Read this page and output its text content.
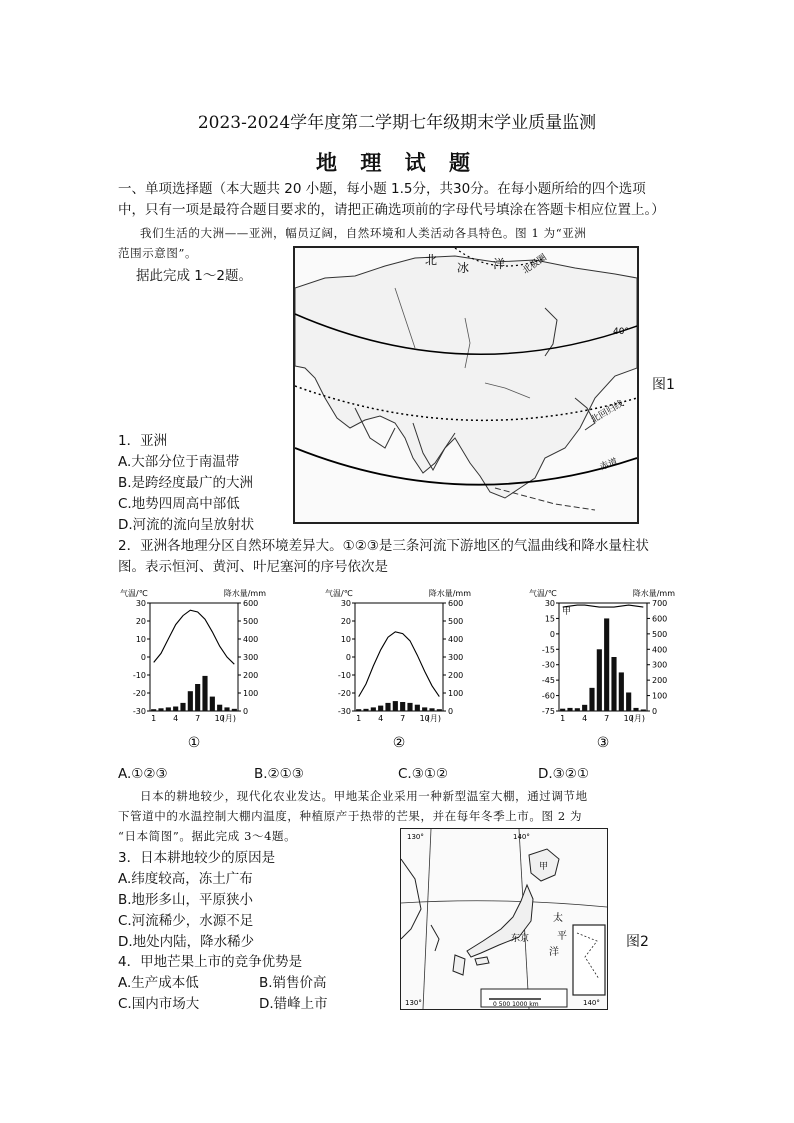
2023-2024学年度第二学期七年级期末学业质量监测
地 理 试 题
一、单项选择题（本大题共 20 小题，每小题 1.5分，共30分。在每小题所给的四个选项
中，只有一项是最符合题目要求的，请把正确选项前的字母代号填涂在答题卡相应位置上。）
我们生活的大洲——亚洲，幅员辽阔，自然环境和人类活动各具特色。图 1 为“亚洲
范围示意图”。
据此完成 1～2题。
北
冰 洋 北极圈
40°
北回归线
赤道
图1
1．亚洲
A.大部分位于南温带
B.是跨经度最广的大洲
C.地势四周高中部低
D.河流的流向呈放射状
2．亚洲各地理分区自然环境差异大。①②③是三条河流下游地区的气温曲线和降水量柱状
图。表示恒河、黄河、叶尼塞河的序号依次是
气温/℃	降水量/mm
30
20
10
0
-10
-20
-30
600
500
400
300
200
100
0
1 4 7 10
(月)
①
气温/℃	降水量/mm
30
20
10
0
-10
-20
-30
600
500
400
300
200
100
0
1 4 7 10
(月)
②
气温/℃	降水量/mm
30
15
0
-15
-30
-45
-60
-75
700
600
500
400
300
200
100
0
1 4 7 10
(月)
甲
③
A.①②③	B.②①③	C.③①②	D.③②①
日本的耕地较少，现代化农业发达。甲地某企业采用一种新型温室大棚，通过调节地
下管道中的水温控制大棚内温度，种植原产于热带的芒果，并在每年冬季上市。图 2 为
“日本简图”。据此完成 3～4题。
3．日本耕地较少的原因是
A.纬度较高，冻土广布
B.地形多山，平原狭小
C.河流稀少，水源不足
D.地处内陆，降水稀少
4．甲地芒果上市的竞争优势是
A.生产成本低	B.销售价高
C.国内市场大	D.错峰上市
130°	140°
130°	140°
太
平
洋
东京
甲
0 500 1000 km
图2
